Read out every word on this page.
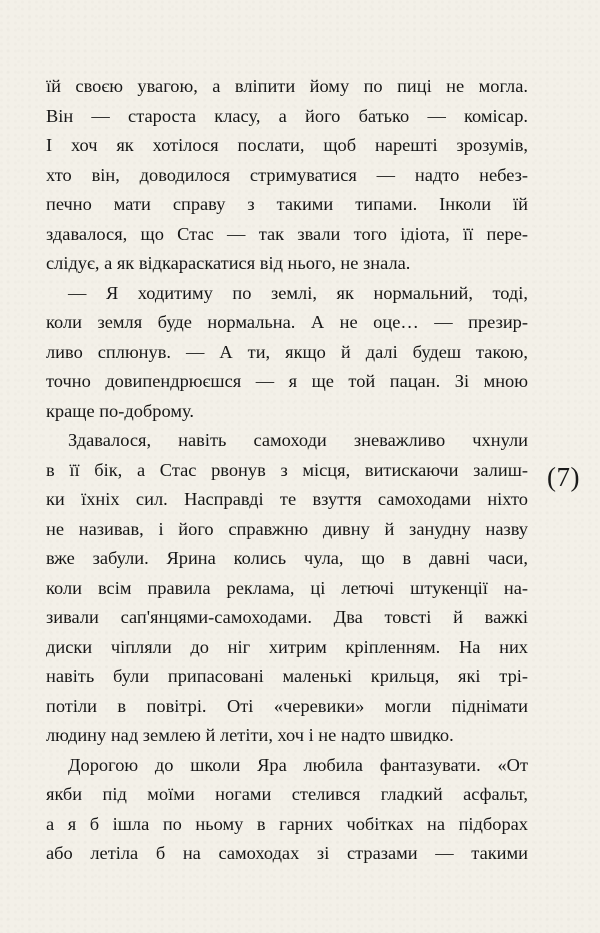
їй своєю увагою, а вліпити йому по пиці не могла.
Він — староста класу, а його батько — комісар.
І хоч як хотілося послати, щоб нарешті зрозумів,
хто він, доводилося стримуватися — надто небез-
печно мати справу з такими типами. Інколи їй
здавалося, що Стас — так звали того ідіота, її пере-
слідує, а як відкараскатися від нього, не знала.
— Я ходитиму по землі, як нормальний, тоді,
коли земля буде нормальна. А не оце… — презир-
ливо сплюнув. — А ти, якщо й далі будеш такою,
точно довипендрюєшся — я ще той пацан. Зі мною
краще по-доброму.
Здавалося, навіть самоходи зневажливо чхнули
в її бік, а Стас рвонув з місця, витискаючи залиш-
ки їхніх сил. Насправді те взуття самоходами ніхто
не називав, і його справжню дивну й занудну назву
вже забули. Ярина колись чула, що в давні часи,
коли всім правила реклама, ці летючі штукенції на-
зивали сап'янцями-самоходами. Два товсті й важкі
диски чіпляли до ніг хитрим кріпленням. На них
навіть були припасовані маленькі крильця, які трі-
потіли в повітрі. Оті «черевики» могли піднімати
людину над землею й летіти, хоч і не надто швидко.
Дорогою до школи Яра любила фантазувати. «От
якби під моїми ногами стелився гладкий асфальт,
а я б ішла по ньому в гарних чобітках на підборах
або летіла б на самоходах зі стразами — такими
(7)
